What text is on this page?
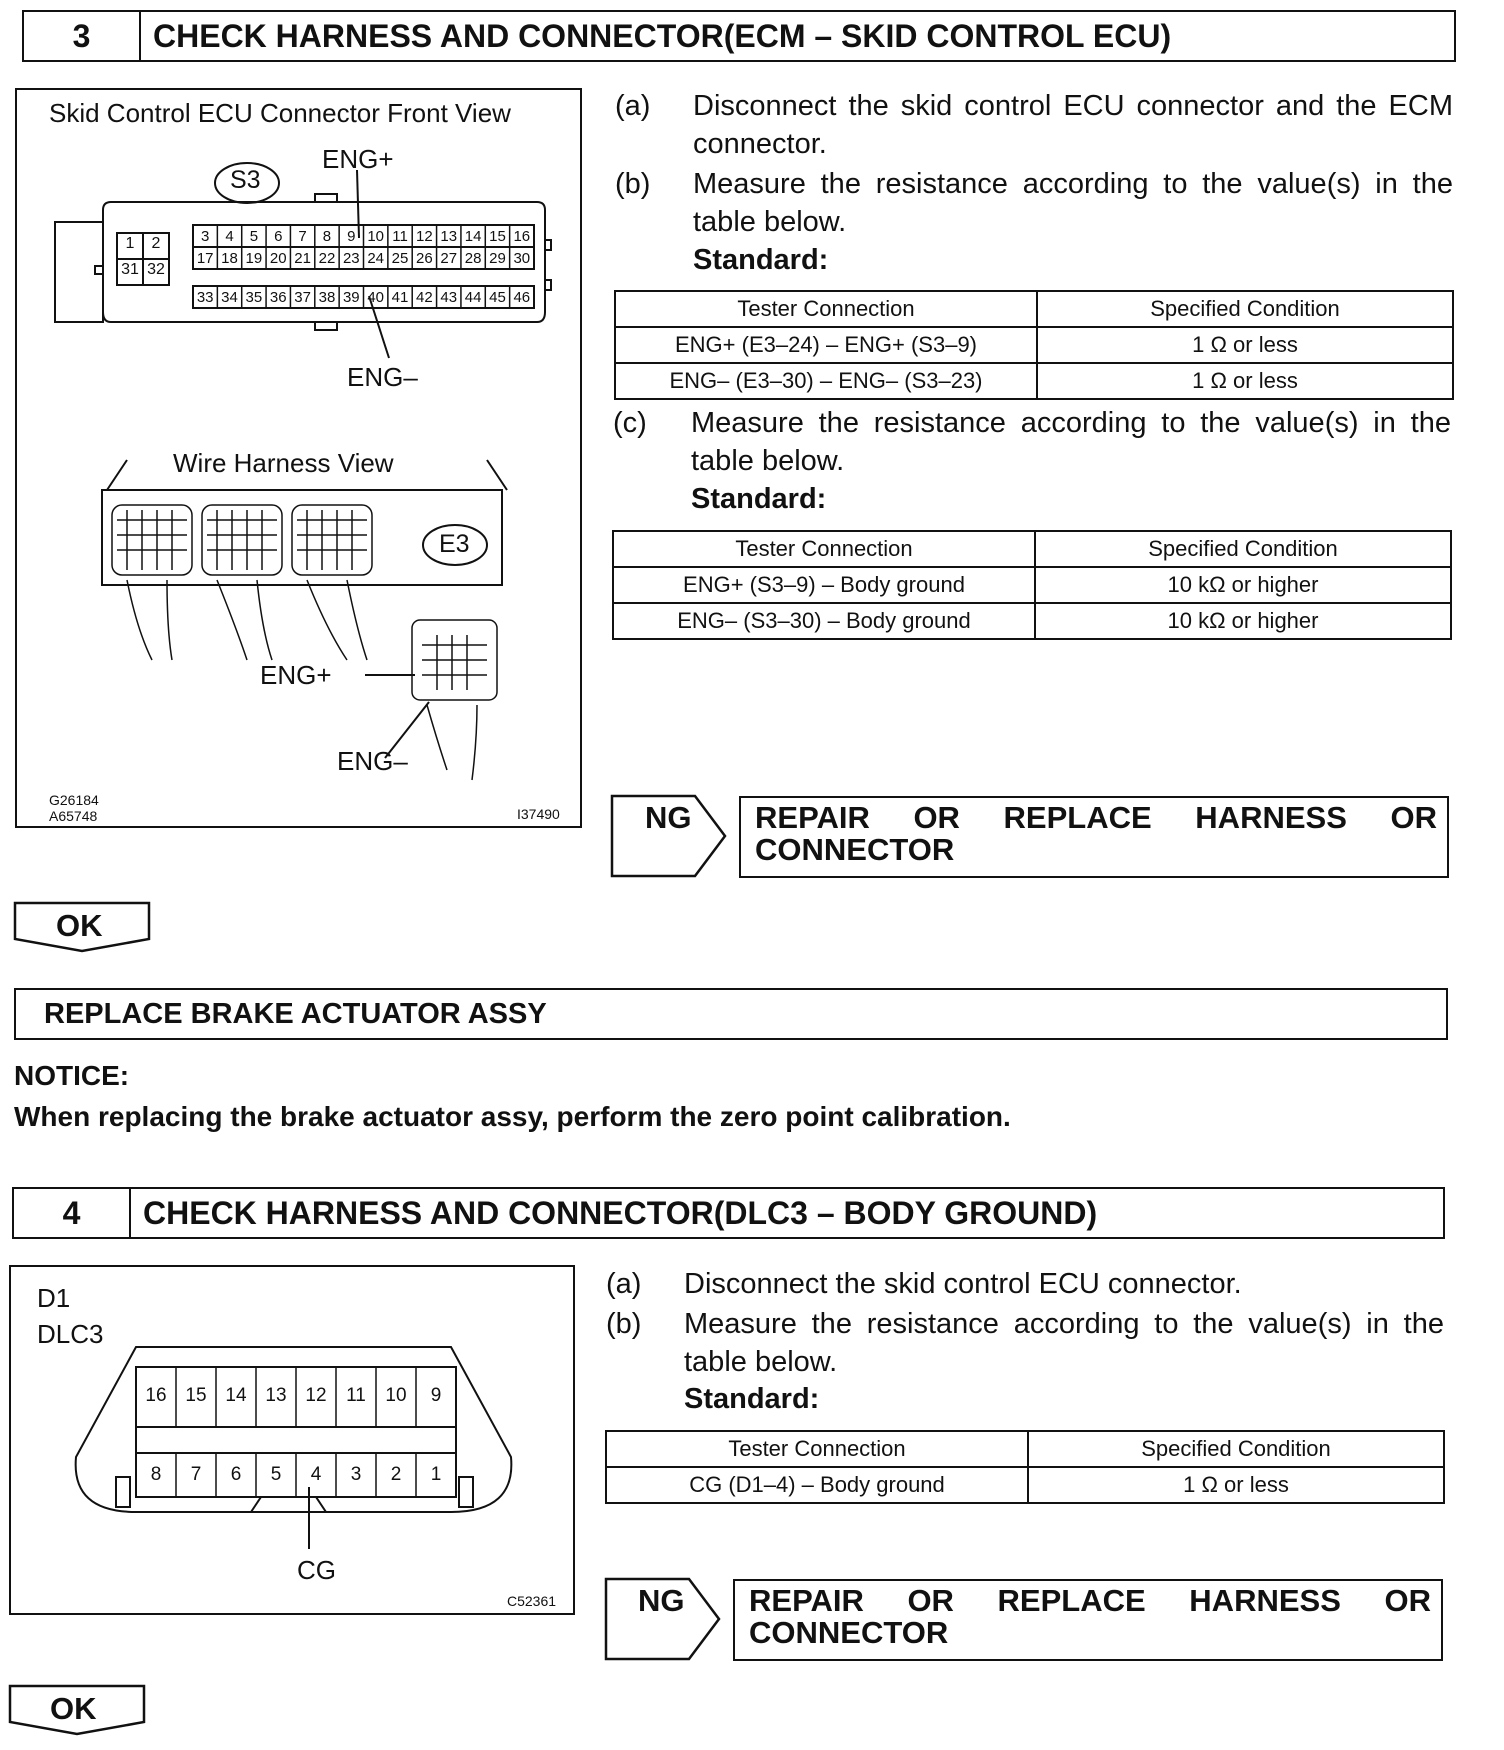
3	CHECK HARNESS AND CONNECTOR(ECM – SKID CONTROL ECU)
Skid Control ECU Connector Front View
S3
ENG+
3	4	5	6	7	8	9 10 11 12 13 14 15 16
17 18 19 20 21 22 23 24 25 26 27 28 29 30
33 34 35 36 37 38 39 40 41 42 43 44 45 46
1	2
31 32
ENG–
Wire Harness View
E3
ENG+
ENG–
G26184
A65748	I37490
(a)	Disconnect the skid control ECU connector and the ECM connector.
(b)	Measure the resistance according to the value(s) in the table below.
Standard:
Tester Connection	Specified Condition
ENG+ (E3–24) – ENG+ (S3–9)	1 Ω or less
ENG– (E3–30) – ENG– (S3–23)	1 Ω or less
(c)	Measure the resistance according to the value(s) in the table below.
Standard:
Tester Connection	Specified Condition
ENG+ (S3–9) – Body ground	10 kΩ or higher
ENG– (S3–30) – Body ground	10 kΩ or higher
NG REPAIR OR REPLACE HARNESS OR
CONNECTOR
OK
REPLACE BRAKE ACTUATOR ASSY
NOTICE:
When replacing the brake actuator assy, perform the zero point calibration.
4	CHECK HARNESS AND CONNECTOR(DLC3 – BODY GROUND)
D1
DLC3
16 15 14 13 12	11	10	9
8	7	6	5	4	3	2	1
CG
C52361
(a)	Disconnect the skid control ECU connector.
(b)	Measure the resistance according to the value(s) in the table below.
Standard:
Tester Connection	Specified Condition
CG (D1–4) – Body ground	1 Ω or less
NG REPAIR OR REPLACE HARNESS OR
CONNECTOR
OK
